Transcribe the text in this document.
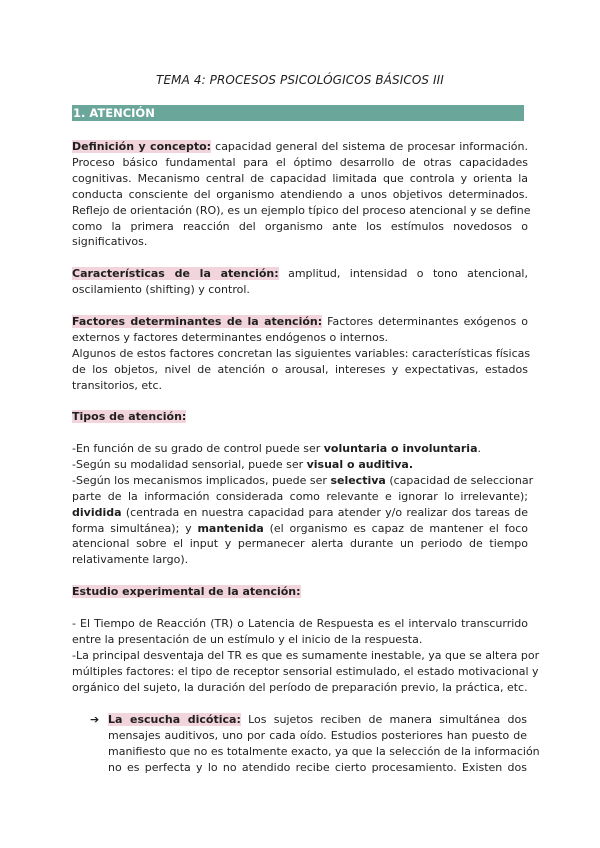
TEMA 4: PROCESOS PSICOLÓGICOS BÁSICOS III
1. ATENCIÓN
Definición y concepto: capacidad general del sistema de procesar información.
Proceso básico fundamental para el óptimo desarrollo de otras capacidades
cognitivas. Mecanismo central de capacidad limitada que controla y orienta la
conducta consciente del organismo atendiendo a unos objetivos determinados.
Reflejo de orientación (RO), es un ejemplo típico del proceso atencional y se define
como la primera reacción del organismo ante los estímulos novedosos o
significativos.
Características de la atención: amplitud, intensidad o tono atencional,
oscilamiento (shifting) y control.
Factores determinantes de la atención: Factores determinantes exógenos o
externos y factores determinantes endógenos o internos.
Algunos de estos factores concretan las siguientes variables: características físicas
de los objetos, nivel de atención o arousal, intereses y expectativas, estados
transitorios, etc.
Tipos de atención:
-En función de su grado de control puede ser voluntaria o involuntaria.
-Según su modalidad sensorial, puede ser visual o auditiva.
-Según los mecanismos implicados, puede ser selectiva (capacidad de seleccionar
parte de la información considerada como relevante e ignorar lo irrelevante);
dividida (centrada en nuestra capacidad para atender y/o realizar dos tareas de
forma simultánea); y mantenida (el organismo es capaz de mantener el foco
atencional sobre el input y permanecer alerta durante un periodo de tiempo
relativamente largo).
Estudio experimental de la atención:
- El Tiempo de Reacción (TR) o Latencia de Respuesta es el intervalo transcurrido
entre la presentación de un estímulo y el inicio de la respuesta.
-La principal desventaja del TR es que es sumamente inestable, ya que se altera por
múltiples factores: el tipo de receptor sensorial estimulado, el estado motivacional y
orgánico del sujeto, la duración del período de preparación previo, la práctica, etc.
➔ La escucha dicótica: Los sujetos reciben de manera simultánea dos
mensajes auditivos, uno por cada oído. Estudios posteriores han puesto de
manifiesto que no es totalmente exacto, ya que la selección de la información
no es perfecta y lo no atendido recibe cierto procesamiento. Existen dos
